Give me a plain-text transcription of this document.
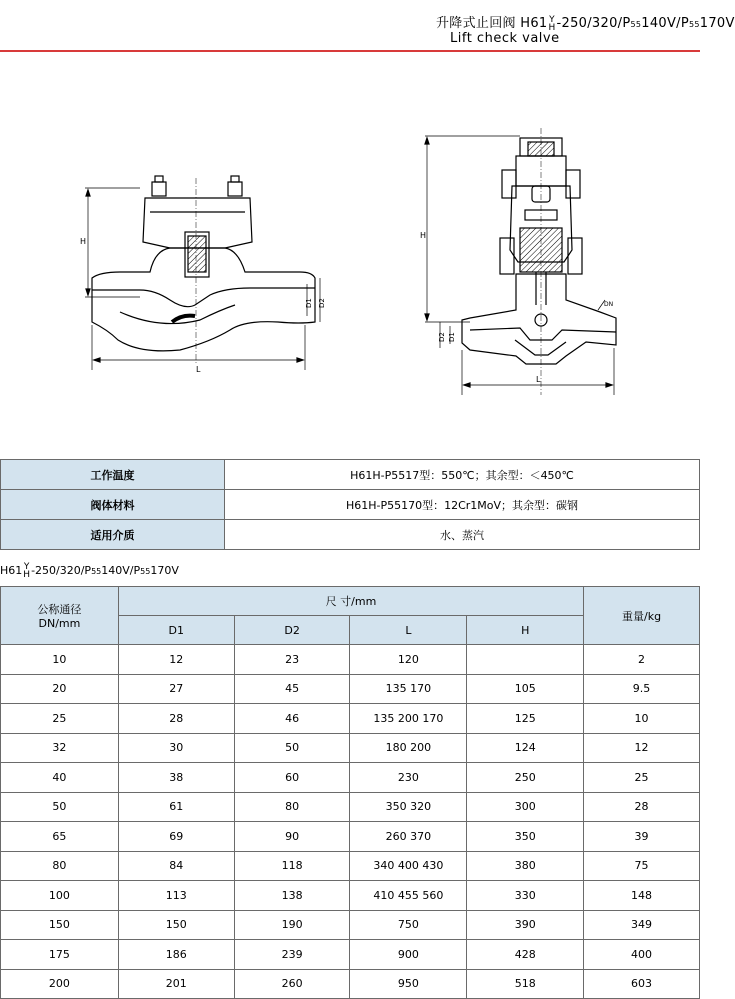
升降式止回阀 H61 Y
H-250/320/P55140V/P55170V
Lift check valve
H
D1 D2
L
H
D1
D2
L
DN
工作温度	H61H-P5517型：550℃；其余型：＜450℃
阀体材料	H61H-P55170型：12Cr1MoV；其余型：碳钢
适用介质	水、蒸汽
H61 Y
H-250/320/P55140V/P55170V
公称通径
DN/mm	尺 寸/mm				重量/kg
	D1	D2	L	H	
10	12	23	120		2
20	27	45	135 170	105	9.5
25	28	46	135 200 170	125	10
32	30	50	180 200	124	12
40	38	60	230	250	25
50	61	80	350 320	300	28
65	69	90	260 370	350	39
80	84	118	340 400 430	380	75
100	113	138	410 455 560	330	148
150	150	190	750	390	349
175	186	239	900	428	400
200	201	260	950	518	603
